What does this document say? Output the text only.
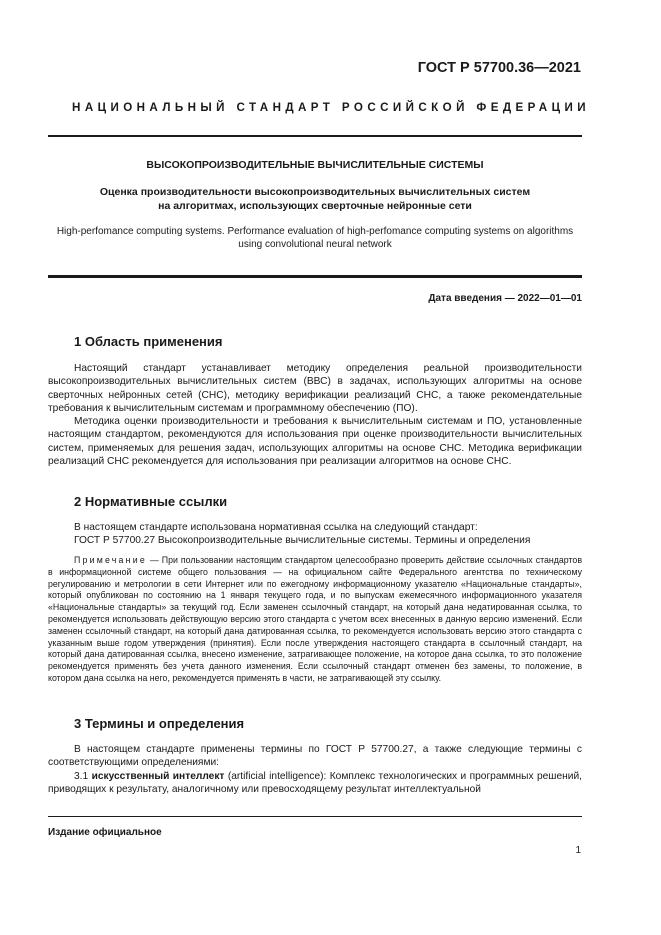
ГОСТ Р 57700.36—2021
НАЦИОНАЛЬНЫЙ СТАНДАРТ РОССИЙСКОЙ ФЕДЕРАЦИИ
ВЫСОКОПРОИЗВОДИТЕЛЬНЫЕ ВЫЧИСЛИТЕЛЬНЫЕ СИСТЕМЫ
Оценка производительности высокопроизводительных вычислительных систем
на алгоритмах, использующих сверточные нейронные сети
High-perfomance computing systems. Performance evaluation of high-perfomance computing systems on algorithms
using convolutional neural network
Дата введения — 2022—01—01
1 Область применения

Настоящий стандарт устанавливает методику определения реальной производительности высокопроизводительных вычислительных систем (ВВС) в задачах, использующих алгоритмы на основе сверточных нейронных сетей (СНС), методику верификации реализаций СНС, а также рекомендательные требования к вычислительным системам и программному обеспечению (ПО).

Методика оценки производительности и требования к вычислительным системам и ПО, установленные настоящим стандартом, рекомендуются для использования при оценке производительности вычислительных систем, применяемых для решения задач, использующих алгоритмы на основе СНС. Методика верификации реализаций СНС рекомендуется для использования при реализации алгоритмов на основе СНС.

2 Нормативные ссылки

В настоящем стандарте использована нормативная ссылка на следующий стандарт:

ГОСТ Р 57700.27 Высокопроизводительные вычислительные системы. Термины и определения

Примечание — При пользовании настоящим стандартом целесообразно проверить действие ссылочных стандартов в информационной системе общего пользования — на официальном сайте Федерального агентства по техническому регулированию и метрологии в сети Интернет или по ежегодному информационному указателю «Национальные стандарты», который опубликован по состоянию на 1 января текущего года, и по выпускам ежемесячного информационного указателя «Национальные стандарты» за текущий год. Если заменен ссылочный стандарт, на который дана недатированная ссылка, то рекомендуется использовать действующую версию этого стандарта с учетом всех внесенных в данную версию изменений. Если заменен ссылочный стандарт, на который дана датированная ссылка, то рекомендуется использовать версию этого стандарта с указанным выше годом утверждения (принятия). Если после утверждения настоящего стандарта в ссылочный стандарт, на который дана датированная ссылка, внесено изменение, затрагивающее положение, на которое дана ссылка, то это положение рекомендуется применять без учета данного изменения. Если ссылочный стандарт отменен без замены, то положение, в котором дана ссылка на него, рекомендуется применять в части, не затрагивающей эту ссылку.

3 Термины и определения

В настоящем стандарте применены термины по ГОСТ Р 57700.27, а также следующие термины с соответствующими определениями:

3.1 искусственный интеллект (artificial intelligence): Комплекс технологических и программных решений, приводящих к результату, аналогичному или превосходящему результат интеллектуальной

Издание официальное
1
